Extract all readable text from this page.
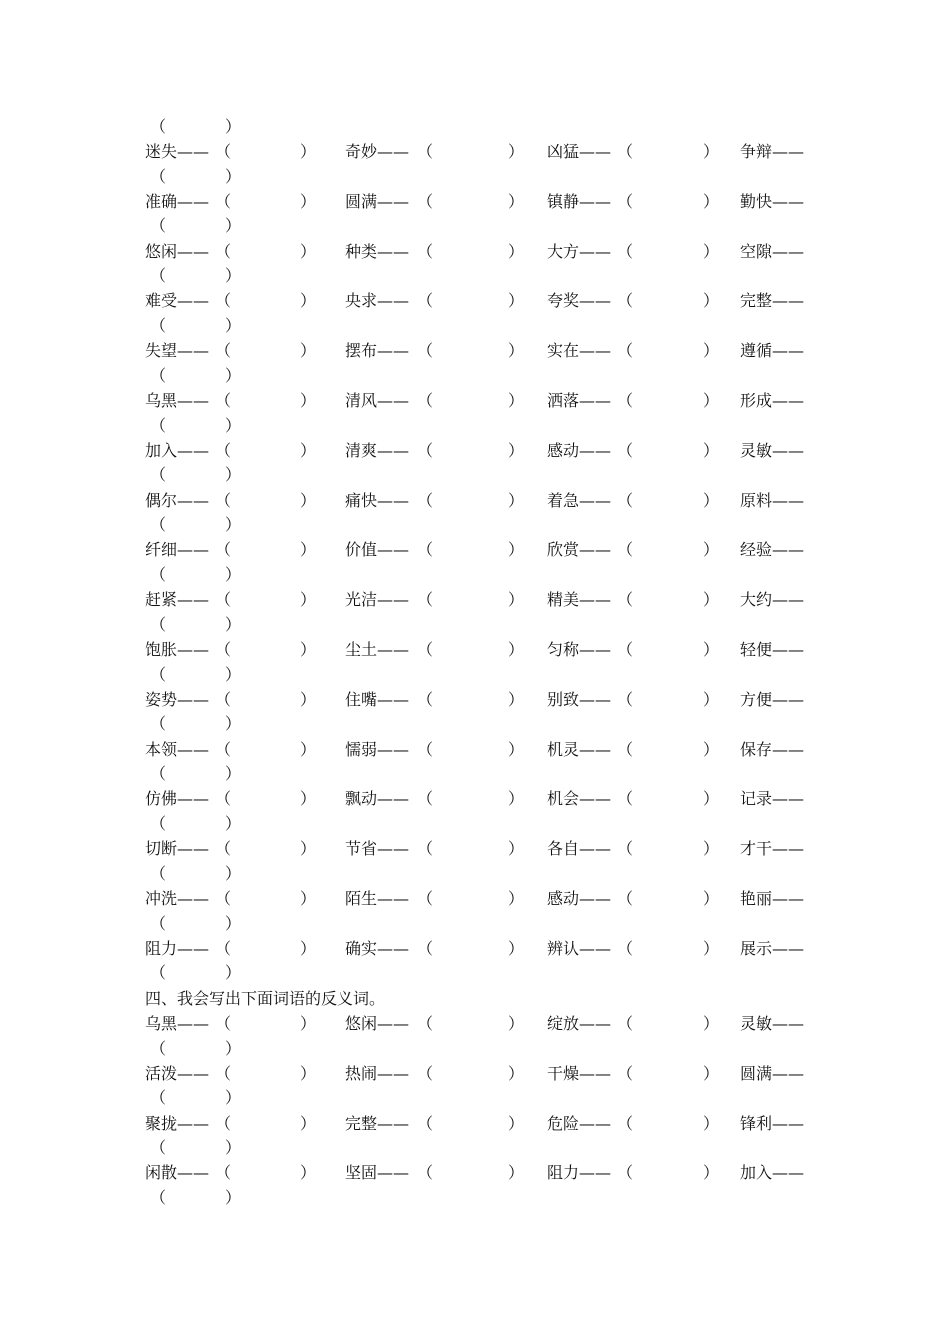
（	）
迷失—— （	） 奇妙—— （	） 凶猛—— （	） 争辩——
（	）
准确—— （	） 圆满—— （	） 镇静—— （	） 勤快——
（	）
悠闲—— （	） 种类—— （	） 大方—— （	） 空隙——
（	）
难受—— （	） 央求—— （	） 夸奖—— （	） 完整——
（	）
失望—— （	） 摆布—— （	） 实在—— （	） 遵循——
（	）
乌黑—— （	） 清风—— （	） 洒落—— （	） 形成——
（	）
加入—— （	） 清爽—— （	） 感动—— （	） 灵敏——
（	）
偶尔—— （	） 痛快—— （	） 着急—— （	） 原料——
（	）
纤细—— （	） 价值—— （	） 欣赏—— （	） 经验——
（	）
赶紧—— （	） 光洁—— （	） 精美—— （	） 大约——
（	）
饱胀—— （	） 尘土—— （	） 匀称—— （	） 轻便——
（	）
姿势—— （	） 住嘴—— （	） 别致—— （	） 方便——
（	）
本领—— （	） 懦弱—— （	） 机灵—— （	） 保存——
（	）
仿佛—— （	） 飘动—— （	） 机会—— （	） 记录——
（	）
切断—— （	） 节省—— （	） 各自—— （	） 才干——
（	）
冲洗—— （	） 陌生—— （	） 感动—— （	） 艳丽——
（	）
阻力—— （	） 确实—— （	） 辨认—— （	） 展示——
（	）
四、我会写出下面词语的反义词。
乌黑—— （	） 悠闲—— （	） 绽放—— （	） 灵敏——
（	）
活泼—— （	） 热闹—— （	） 干燥—— （	） 圆满——
（	）
聚拢—— （	） 完整—— （	） 危险—— （	） 锋利——
（	）
闲散—— （	） 坚固—— （	） 阻力—— （	） 加入——
（	）
